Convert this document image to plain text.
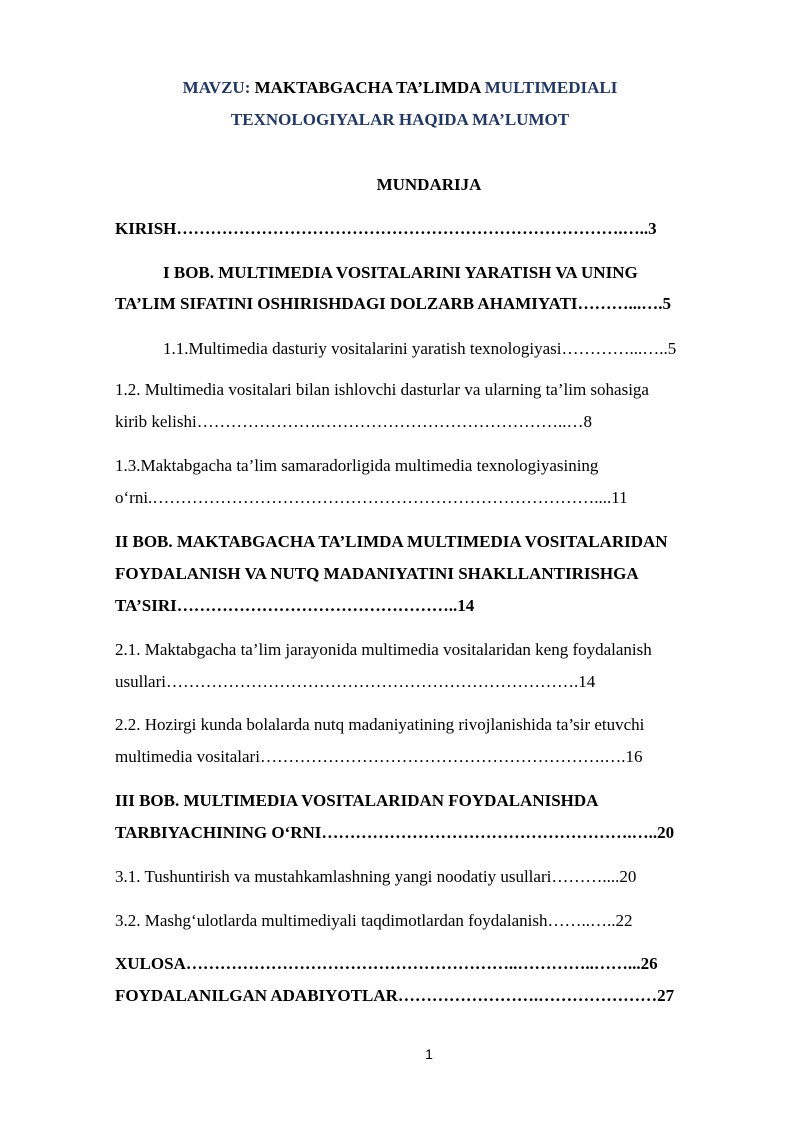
MAVZU: MAKTABGACHA TA’LIMDA MULTIMEDIALI
TEXNOLOGIYALAR HAQIDA MA’LUMOT
MUNDARIJA
KIRISH…………………………………………………………………….…..3
I BOB. MULTIMEDIA VOSITALARINI YARATISH VA UNING
TA’LIM SIFATINI OSHIRISHDAGI DOLZARB AHAMIYATI………...….5
1.1.Multimedia dasturiy vositalarini yaratish texnologiyasi…………...…..5
1.2. Multimedia vositalari bilan ishlovchi dasturlar va ularning ta’lim sohasiga
kirib kelishi………………….……………………………………..…8
1.3.Maktabgacha ta’lim samaradorligida multimedia texnologiyasining
o‘rni.……………………………………………………………………....11
II BOB. MAKTABGACHA TA’LIMDA MULTIMEDIA VOSITALARIDAN
FOYDALANISH VA NUTQ MADANIYATINI SHAKLLANTIRISHGA
TA’SIRI…………………………………………..14
2.1. Maktabgacha ta’lim jarayonida multimedia vositalaridan keng foydalanish
usullari……………………………………………………………….14
2.2. Hozirgi kunda bolalarda nutq madaniyatining rivojlanishida ta’sir etuvchi
multimedia vositalari…………………………………………………….….16
III BOB. MULTIMEDIA VOSITALARIDAN FOYDALANISHDA
TARBIYACHINING O‘RNI……………………………………………….…..20
3.1. Tushuntirish va mustahkamlashning yangi noodatiy usullari………....20
3.2. Mashg‘ulotlarda multimediyali taqdimotlardan foydalanish……..…..22
XULOSA…………………………………………………..…………..……...26
FOYDALANILGAN ADABIYOTLAR…………………….…………………27
1
